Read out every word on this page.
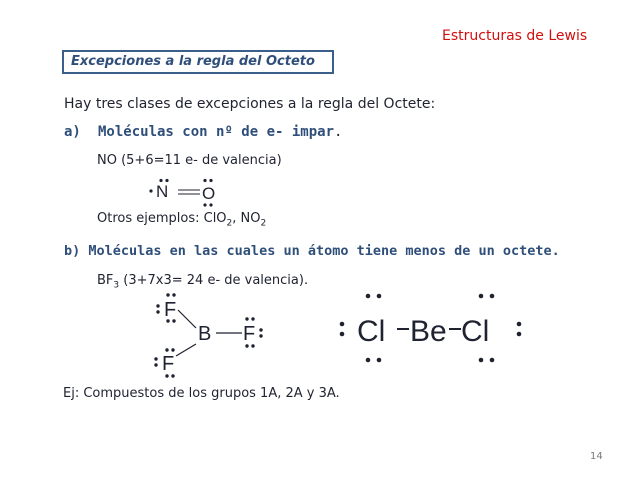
Estructuras de Lewis
Excepciones a la regla del Octeto
Hay tres clases de excepciones a la regla del Octete:
a) Moléculas con nº de e- impar.
NO (5+6=11 e- de valencia)
N O
Otros ejemplos: ClO$_2$, $NO_2$
b) Moléculas en las cuales un átomo tiene menos de un octete.
$BF_3$ (3+7x3= 24 e- de valencia).
F
B F
F
Cl Be Cl
Ej: Compuestos de los grupos 1A, 2A y 3A.
14
